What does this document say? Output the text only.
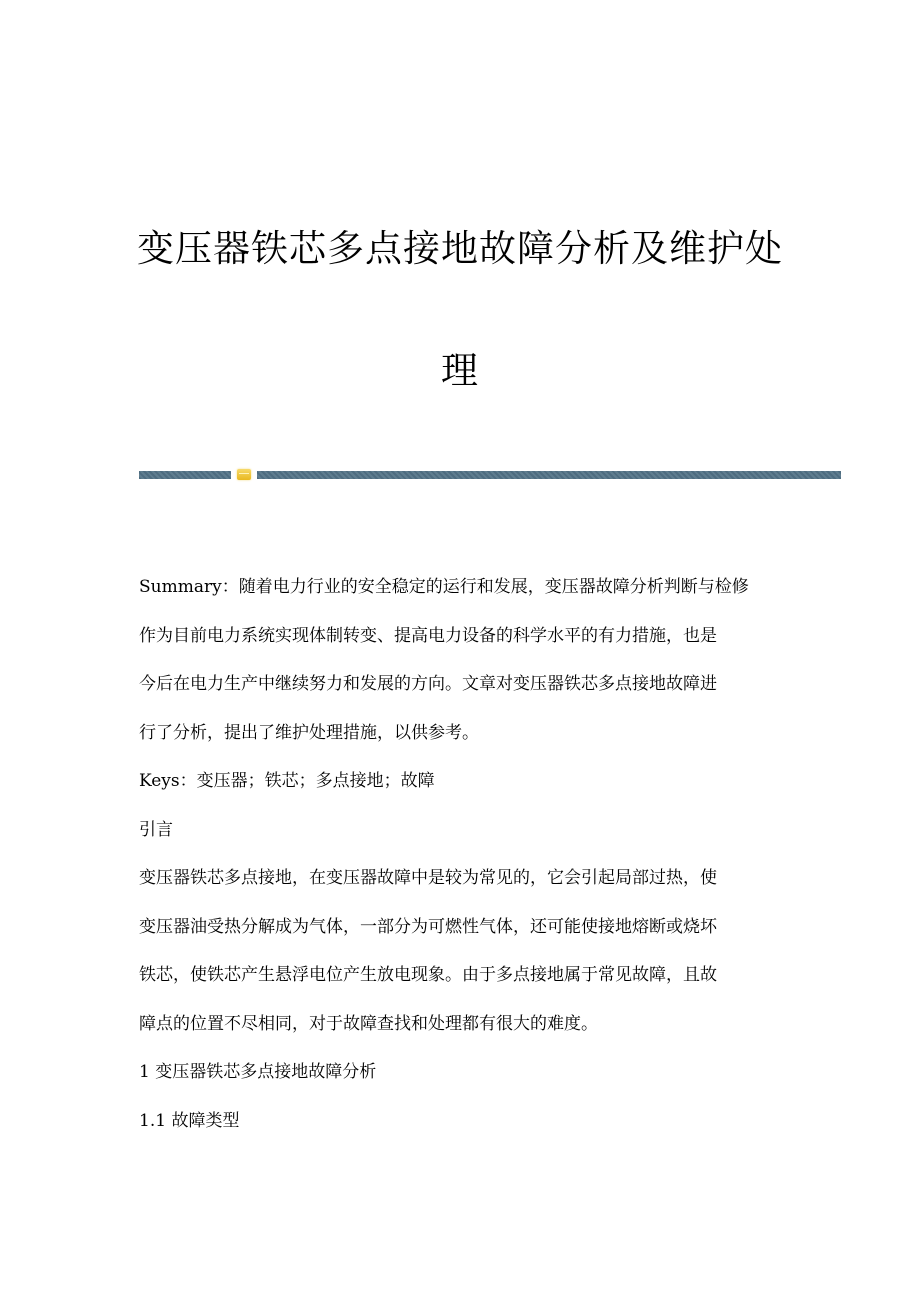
变压器铁芯多点接地故障分析及维护处
理

Summary：随着电力行业的安全稳定的运行和发展，变压器故障分析判断与检修
作为目前电力系统实现体制转变、提高电力设备的科学水平的有力措施，也是
今后在电力生产中继续努力和发展的方向。文章对变压器铁芯多点接地故障进
行了分析，提出了维护处理措施，以供参考。

Keys：变压器；铁芯；多点接地；故障

引言

变压器铁芯多点接地，在变压器故障中是较为常见的，它会引起局部过热，使
变压器油受热分解成为气体，一部分为可燃性气体，还可能使接地熔断或烧坏
铁芯，使铁芯产生悬浮电位产生放电现象。由于多点接地属于常见故障，且故
障点的位置不尽相同，对于故障查找和处理都有很大的难度。

1 变压器铁芯多点接地故障分析

1.1 故障类型
